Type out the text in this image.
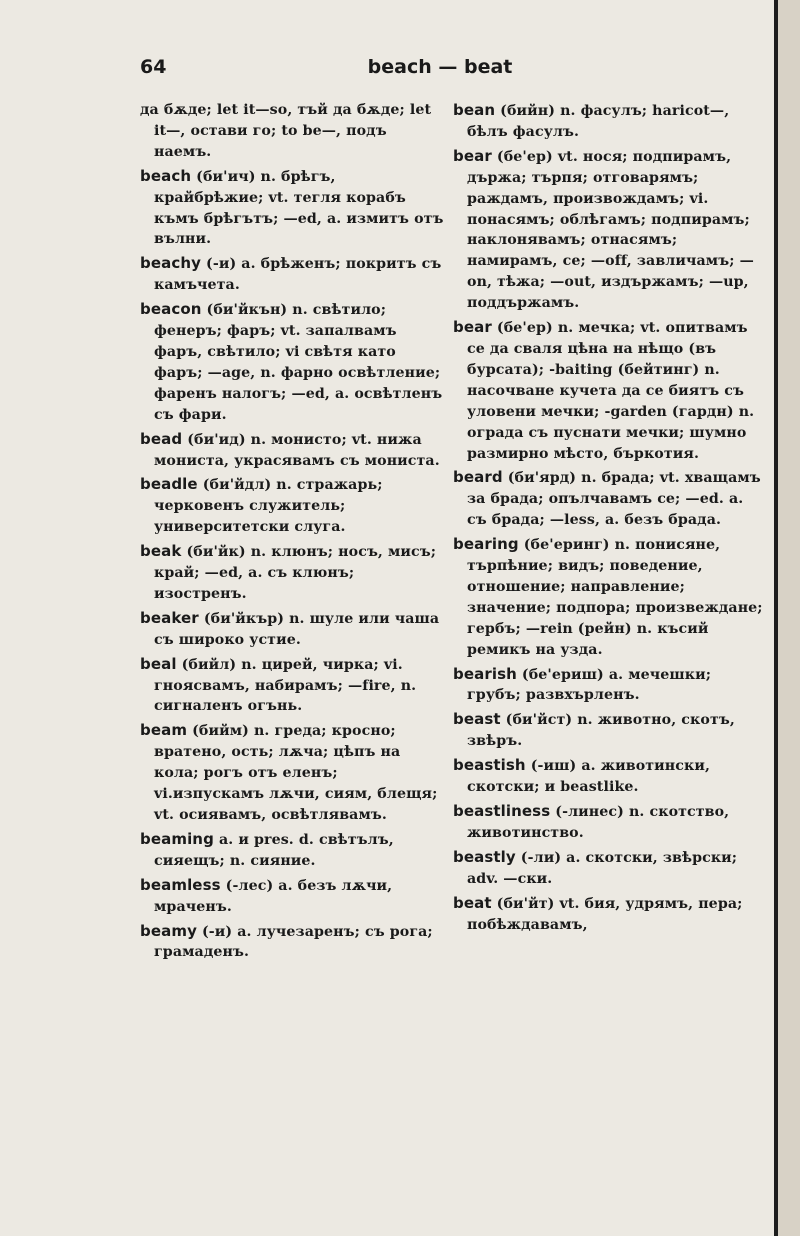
64	beach — beat

да бѫде; let it—so, тъй да бѫде; let it—, остави го; to be—, подъ наемъ.

beach (би'ич) n. брѣгъ, крайбрѣжие; vt. тегля корабъ къмъ брѣгътъ; —ed, a. измитъ отъ вълни.

beachy (-и) a. брѣженъ; покритъ съ камъчета.

beacon (би'йкън) n. свѣтило; фенеръ; фаръ; vt. запалвамъ фаръ, свѣтило; vi свѣтя като фаръ; —age, n. фарно освѣтление; фаренъ налогъ; —ed, a. освѣтленъ съ фари.

bead (би'ид) n. монисто; vt. нижа мониста, украсявамъ съ мониста.

beadle (би'йдл) n. стражарь; черковенъ служитель; университетски слуга.

beak (би'йк) n. клюнъ; носъ, мисъ; край; —ed, a. съ клюнъ; изостренъ.

beaker (би'йкър) n. шуле или чаша съ широко устие.

beal (бийл) n. цирей, чирка; vi. гноясвамъ, набирамъ; —fire, n. сигналенъ огънь.

beam (бийм) n. греда; кросно; вратено, ость; лѫча; цѣпъ на кола; рогъ отъ еленъ; vi.изпускамъ лѫчи, сиям, блещя; vt. осиявамъ, освѣтлявамъ.

beaming a. и pres. d. свѣтълъ, сияещъ; n. сияние.

beamless (-лес) a. безъ лѫчи, мраченъ.

beamy (-и) a. лучезаренъ; съ рога; грамаденъ.

bean (бийн) n. фасулъ; haricot—, бѣлъ фасулъ.

bear (бе'ер) vt. нося; подпирамъ, държа; търпя; отговарямъ; раждамъ, произвождамъ; vi. понасямъ; облѣгамъ; подпирамъ; наклонявамъ; отнасямъ; намирамъ, се; —off, завличамъ; —on, тѣжа; —out, издържамъ; —up, поддържамъ.

bear (бе'ер) n. мечка; vt. опитвамъ се да сваля цѣна на нѣщо (въ бурсата); -baiting (бейтинг) n. насочване кучета да се биятъ съ уловени мечки; -garden (гардн) n. ограда съ пуснати мечки; шумно размирно мѣсто, бъркотия.

beard (би'ярд) n. брада; vt. хващамъ за брада; опълчавамъ се; —ed. a. съ брада; —less, a. безъ брада.

bearing (бе'еринг) n. понисяне, търпѣние; видъ; поведение, отношение; направление; значение; подпора; произвеждане; гербъ; —rein (рейн) n. късий ремикъ на узда.

bearish (бе'ериш) a. мечешки; грубъ; развхърленъ.

beast (би'йст) n. животно, скотъ, звѣръ.

beastish (-иш) a. животински, скотски; и beastlike.

beastliness (-линес) n. скотство, животинство.

beastly (-ли) a. скотски, звѣрски; adv. —ски.

beat (би'йт) vt. бия, удрямъ, пера; побѣждавамъ,
